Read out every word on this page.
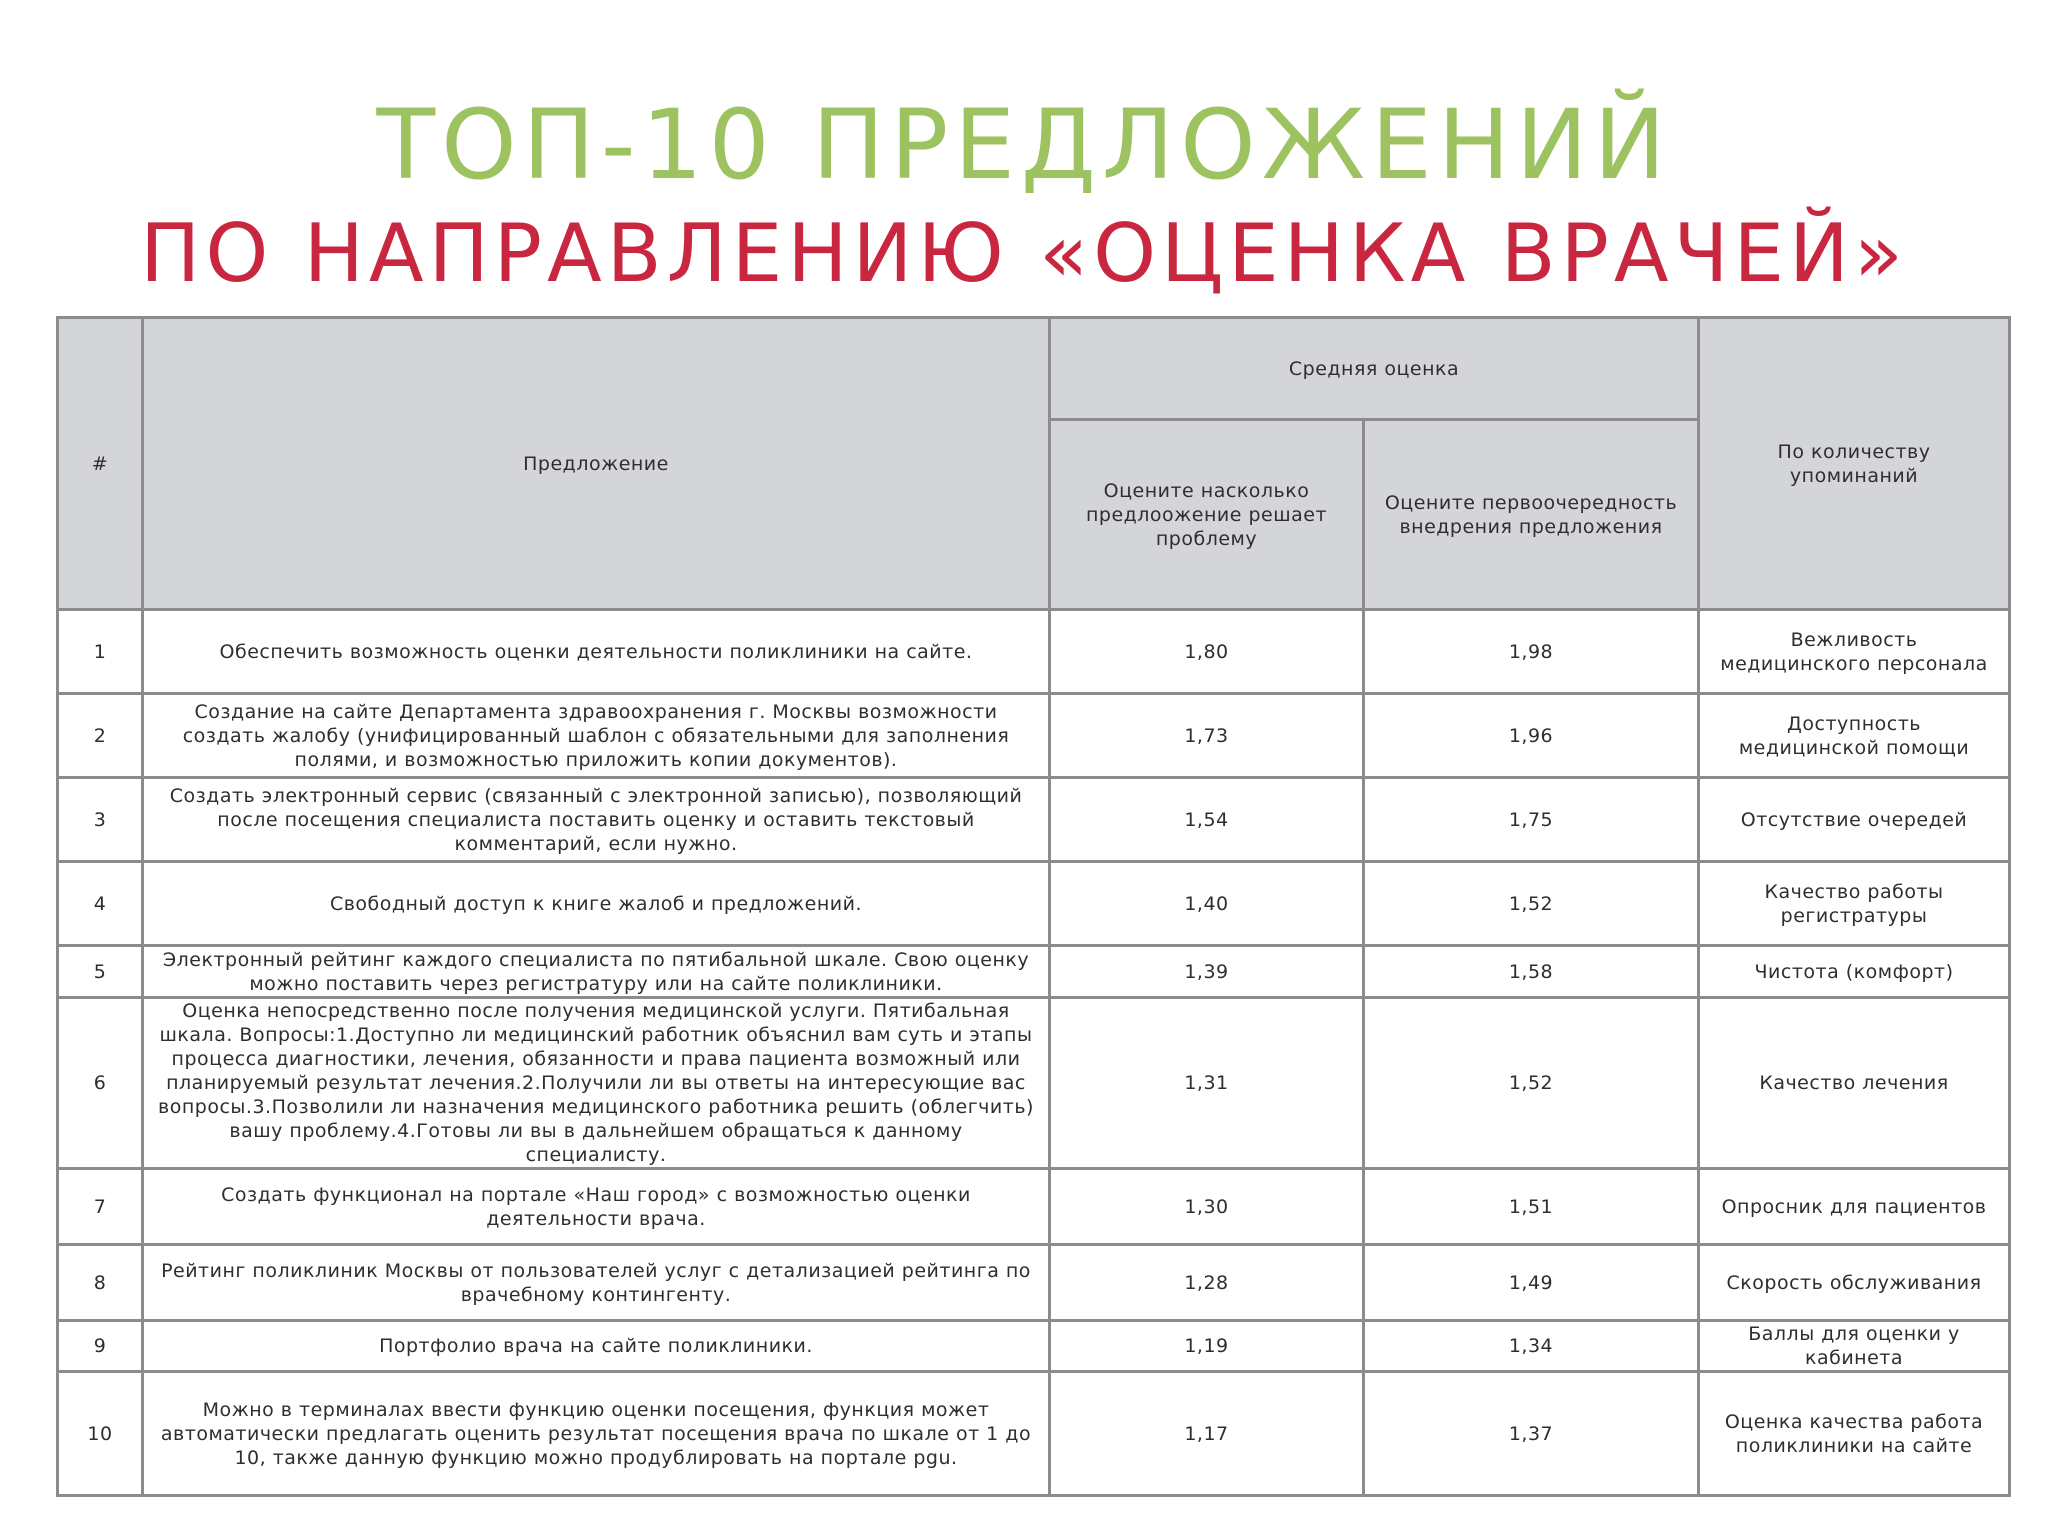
ТОП-10 ПРЕДЛОЖЕНИЙ
ПО НАПРАВЛЕНИЮ «ОЦЕНКА ВРАЧЕЙ»
#	Предложение	Средняя оценка		По количеству упоминаний
		Оцените насколько предлоожение решает проблему	Оцените первоочередность внедрения предложения	
1	Обеспечить возможность оценки деятельности поликлиники на сайте.	1,80	1,98	Вежливость медицинского персонала
2	Создание на сайте Департамента здравоохранения г. Москвы возможности создать жалобу (унифицированный шаблон с обязательными для заполнения полями, и возможностью приложить копии документов).	1,73	1,96	Доступность медицинской помощи
3	Создать электронный сервис (связанный с электронной записью), позволяющий после посещения специалиста поставить оценку и оставить текстовый комментарий, если нужно.	1,54	1,75	Отсутствие очередей
4	Свободный доступ к книге жалоб и предложений.	1,40	1,52	Качество работы регистратуры
5	Электронный рейтинг каждого специалиста по пятибальной шкале. Свою оценку можно поставить через регистратуру или на сайте поликлиники.	1,39	1,58	Чистота (комфорт)
6	Оценка непосредственно после получения медицинской услуги. Пятибальная шкала. Вопросы:1.Доступно ли медицинский работник объяснил вам суть и этапы процесса диагностики, лечения, обязанности и права пациента возможный или планируемый результат лечения.2.Получили ли вы ответы на интересующие вас вопросы.3.Позволили ли назначения медицинского работника решить (облегчить) вашу проблему.4.Готовы ли вы в дальнейшем обращаться к данному специалисту.	1,31	1,52	Качество лечения
7	Создать функционал на портале «Наш город» с возможностью оценки деятельности врача.	1,30	1,51	Опросник для пациентов
8	Рейтинг поликлиник Москвы от пользователей услуг с детализацией рейтинга по врачебному контингенту.	1,28	1,49	Скорость обслуживания
9	Портфолио врача на сайте поликлиники.	1,19	1,34	Баллы для оценки у кабинета
10	Можно в терминалах ввести функцию оценки посещения, функция может автоматически предлагать оценить результат посещения врача по шкале от 1 до 10, также данную функцию можно продублировать на портале pgu.	1,17	1,37	Оценка качества работа поликлиники на сайте
